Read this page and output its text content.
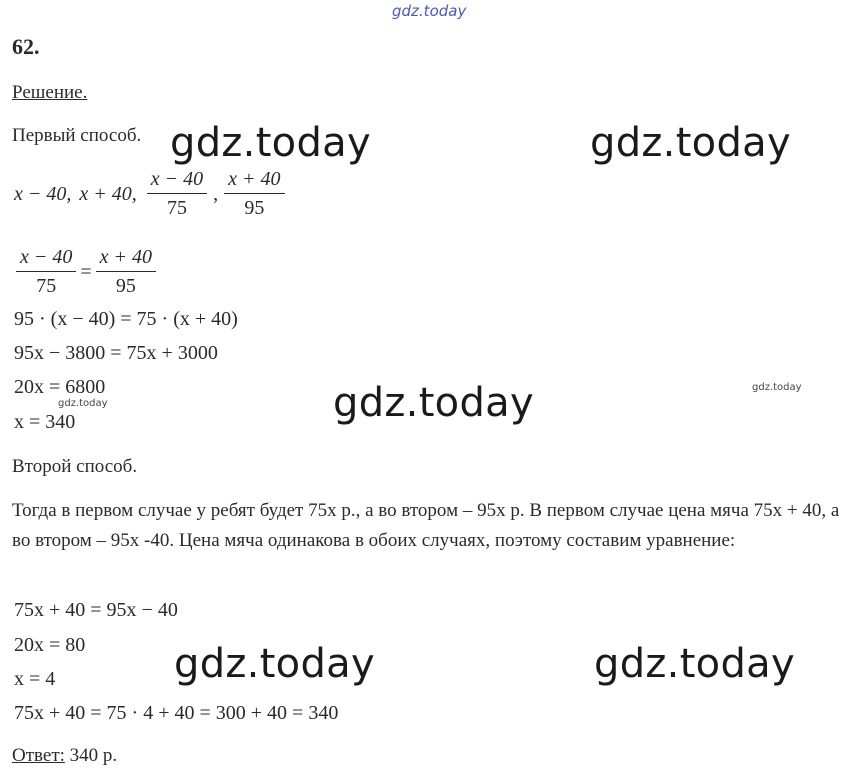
gdz.today
62.
Решение.
Первый способ.
x − 40, x + 40, $\frac{x - 40}{75}$ , $\frac{x + 40}{95}$
$\frac{x - 40}{75} = \frac{x + 40}{95}$
95 · (x − 40) = 75 · (x + 40)
95x − 3800 = 75x + 3000
20x = 6800
x = 340
Второй способ.
Тогда в первом случае у ребят будет 75х р., а во втором – 95х р. В первом случае цена мяча 75х + 40, а во втором – 95х -40. Цена мяча одинакова в обоих случаях, поэтому составим уравнение:
75x + 40 = 95x − 40
20x = 80
x = 4
75x + 40 = 75 · 4 + 40 = 300 + 40 = 340
Ответ: 340 р.
gdz.today	gdz.today
gdz.today
gdz.today	gdz.today
gdz.today
gdz.today
